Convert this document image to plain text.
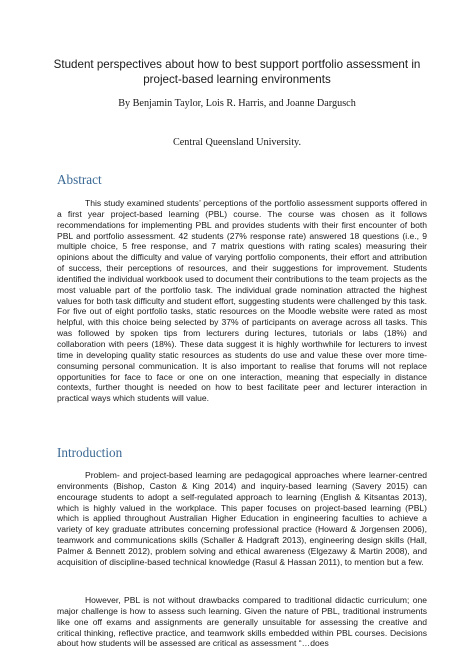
Student perspectives about how to best support portfolio assessment in project-based learning environments
By Benjamin Taylor, Lois R. Harris, and Joanne Dargusch
Central Queensland University.
Abstract
This study examined students’ perceptions of the portfolio assessment supports offered in a first year project-based learning (PBL) course. The course was chosen as it follows recommendations for implementing PBL and provides students with their first encounter of both PBL and portfolio assessment. 42 students (27% response rate) answered 18 questions (i.e., 9 multiple choice, 5 free response, and 7 matrix questions with rating scales) measuring their opinions about the difficulty and value of varying portfolio components, their effort and attribution of success, their perceptions of resources, and their suggestions for improvement. Students identified the individual workbook used to document their contributions to the team projects as the most valuable part of the portfolio task. The individual grade nomination attracted the highest values for both task difficulty and student effort, suggesting students were challenged by this task. For five out of eight portfolio tasks, static resources on the Moodle website were rated as most helpful, with this choice being selected by 37% of participants on average across all tasks. This was followed by spoken tips from lecturers during lectures, tutorials or labs (18%) and collaboration with peers (18%). These data suggest it is highly worthwhile for lecturers to invest time in developing quality static resources as students do use and value these over more time-consuming personal communication. It is also important to realise that forums will not replace opportunities for face to face or one on one interaction, meaning that especially in distance contexts, further thought is needed on how to best facilitate peer and lecturer interaction in practical ways which students will value.
Introduction
Problem- and project-based learning are pedagogical approaches where learner-centred environments (Bishop, Caston & King 2014) and inquiry-based learning (Savery 2015) can encourage students to adopt a self-regulated approach to learning (English & Kitsantas 2013), which is highly valued in the workplace. This paper focuses on project-based learning (PBL) which is applied throughout Australian Higher Education in engineering faculties to achieve a variety of key graduate attributes concerning professional practice (Howard & Jorgensen 2006), teamwork and communications skills (Schaller & Hadgraft 2013), engineering design skills (Hall, Palmer & Bennett 2012), problem solving and ethical awareness (Elgezawy & Martin 2008), and acquisition of discipline-based technical knowledge (Rasul & Hassan 2011), to mention but a few.
However, PBL is not without drawbacks compared to traditional didactic curriculum; one major challenge is how to assess such learning. Given the nature of PBL, traditional instruments like one off exams and assignments are generally unsuitable for assessing the creative and critical thinking, reflective practice, and teamwork skills embedded within PBL courses. Decisions about how students will be assessed are critical as assessment “…does
